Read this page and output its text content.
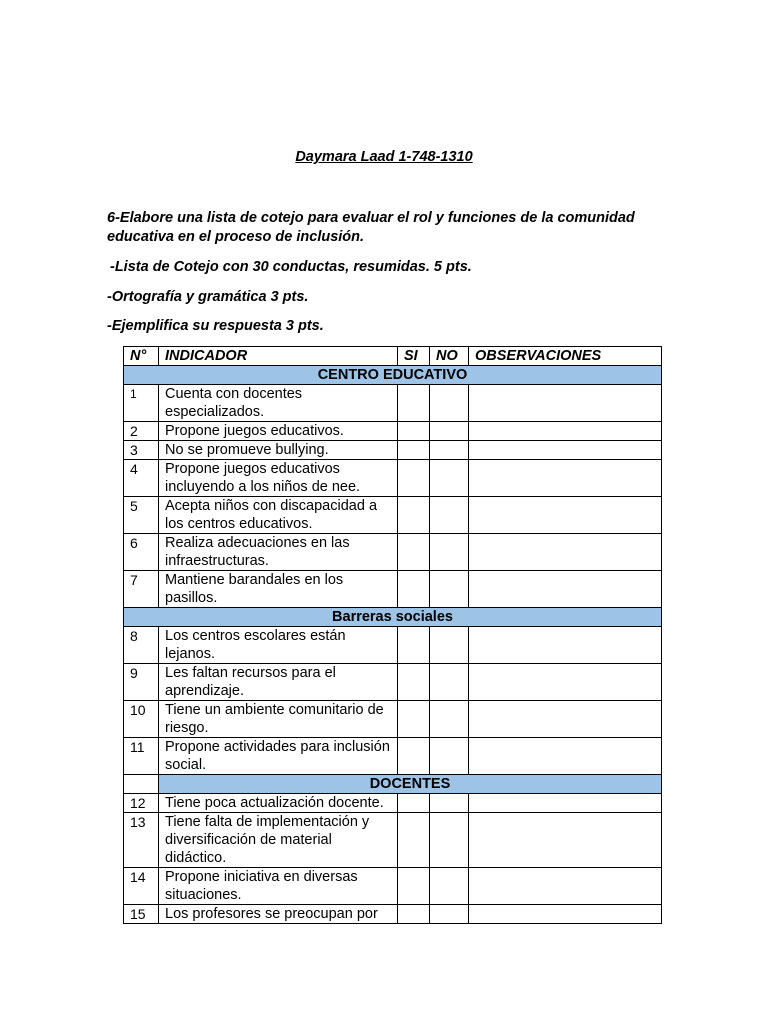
Daymara Laad 1-748-1310
6-Elabore una lista de cotejo para evaluar el rol y funciones de la comunidad educativa en el proceso de inclusión.
-Lista de Cotejo con 30 conductas, resumidas. 5 pts.
-Ortografía y gramática 3 pts.
-Ejemplifica su respuesta 3 pts.
N°	INDICADOR	SI	NO	OBSERVACIONES
CENTRO EDUCATIVO				
1	Cuenta con docentes especializados.			
2	Propone juegos educativos.			
3	No se promueve bullying.			
4	Propone juegos educativos incluyendo a los niños de nee.			
5	Acepta niños con discapacidad a los centros educativos.			
6	Realiza adecuaciones en las infraestructuras.			
7	Mantiene barandales en los pasillos.			
Barreras sociales				
8	Los centros escolares están lejanos.			
9	Les faltan recursos para el aprendizaje.			
10	Tiene un ambiente comunitario de riesgo.			
11	Propone actividades para inclusión social.			
	DOCENTES			
12	Tiene poca actualización docente.			
13	Tiene falta de implementación y diversificación de material didáctico.			
14	Propone iniciativa en diversas situaciones.			
15	Los profesores se preocupan por			
